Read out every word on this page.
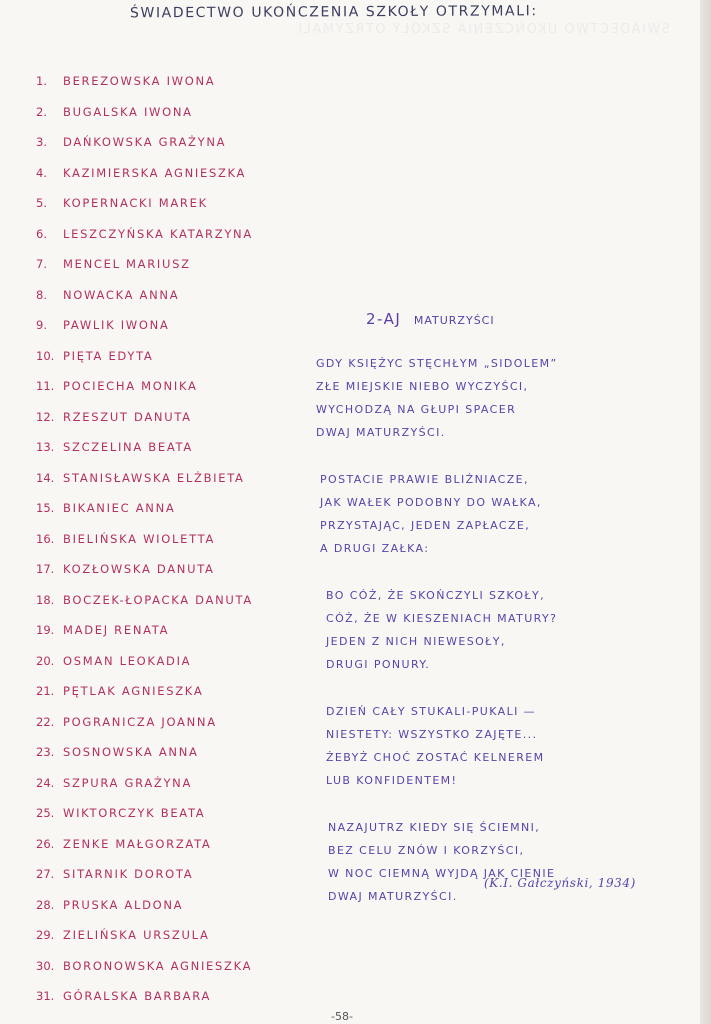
ŚWIADECTWO UKOŃCZENIA SZKOŁY OTRZYMALI
ŚWIADECTWO UKOŃCZENIA SZKOŁY OTRZYMALI:
1. BEREZOWSKA IWONA
2. BUGALSKA IWONA
3. DAŃKOWSKA GRAŻYNA
4. KAZIMIERSKA AGNIESZKA
5. KOPERNACKI MAREK
6. LESZCZYŃSKA KATARZYNA
7. MENCEL MARIUSZ
8. NOWACKA ANNA
9. PAWLIK IWONA
10. PIĘTA EDYTA
11. POCIECHA MONIKA
12. RZESZUT DANUTA
13. SZCZELINA BEATA
14. STANISŁAWSKA ELŻBIETA
15. BIKANIEC ANNA
16. BIELIŃSKA WIOLETTA
17. KOZŁOWSKA DANUTA
18. BOCZEK-ŁOPACKA DANUTA
19. MADEJ RENATA
20. OSMAN LEOKADIA
21. PĘTLAK AGNIESZKA
22. POGRANICZA JOANNA
23. SOSNOWSKA ANNA
24. SZPURA GRAŻYNA
25. WIKTORCZYK BEATA
26. ZENKE MAŁGORZATA
27. SITARNIK DOROTA
28. PRUSKA ALDONA
29. ZIELIŃSKA URSZULA
30. BORONOWSKA AGNIESZKA
31. GÓRALSKA BARBARA
2-AJ MATURZYŚCI
GDY KSIĘŻYC STĘCHŁYM „SIDOLEM”
ZŁE MIEJSKIE NIEBO WYCZYŚCI,
WYCHODZĄ NA GŁUPI SPACER
DWAJ MATURZYŚCI.
POSTACIE PRAWIE BLIŹNIACZE,
JAK WAŁEK PODOBNY DO WAŁKA,
PRZYSTAJĄC, JEDEN ZAPŁACZE,
A DRUGI ZAŁKA:
BO CÓŻ, ŻE SKOŃCZYLI SZKOŁY,
CÓŻ, ŻE W KIESZENIACH MATURY?
JEDEN Z NICH NIEWESOŁY,
DRUGI PONURY.
DZIEŃ CAŁY STUKALI-PUKALI —
NIESTETY: WSZYSTKO ZAJĘTE...
ŻEBYŻ CHOĆ ZOSTAĆ KELNEREM
LUB KONFIDENTEM!
NAZAJUTRZ KIEDY SIĘ ŚCIEMNI,
BEZ CELU ZNÓW I KORZYŚCI,
W NOC CIEMNĄ WYJDĄ JAK CIENIE
DWAJ MATURZYŚCI.
(K.I. Gałczyński, 1934)
-58-
